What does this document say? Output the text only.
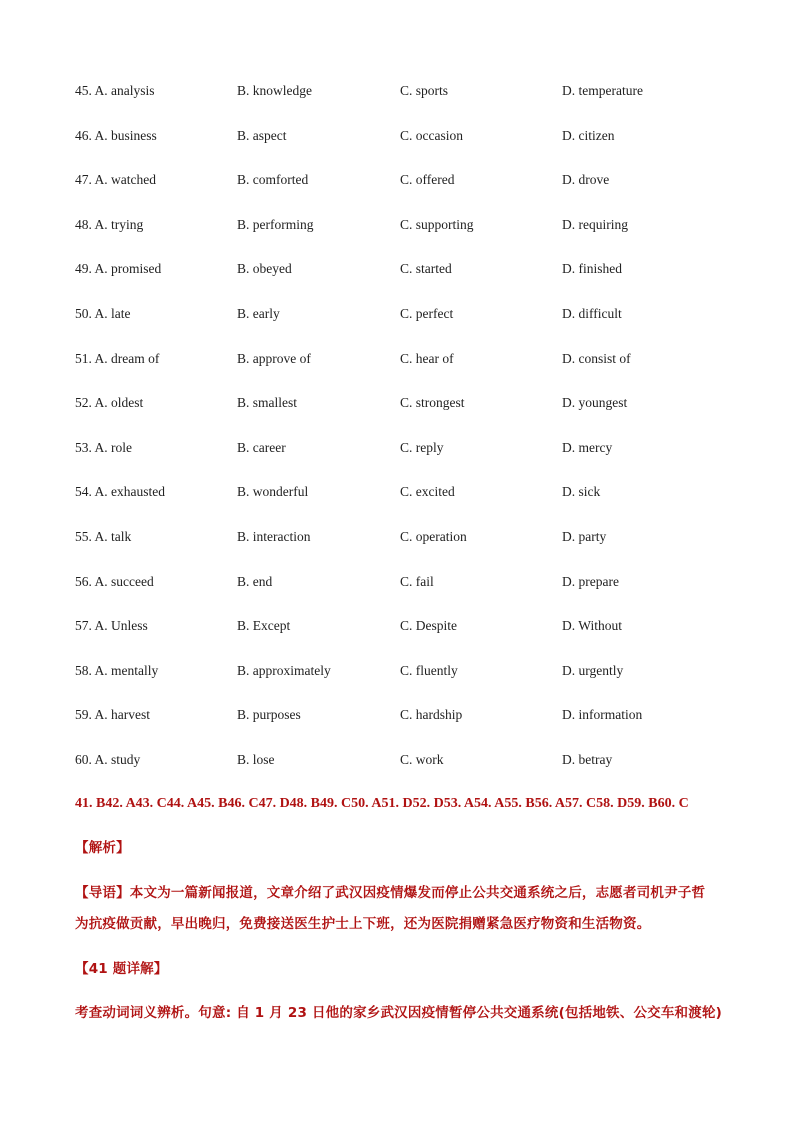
45. A. analysis	B. knowledge	C. sports	D. temperature
46. A. business	B. aspect	C. occasion	D. citizen
47. A. watched	B. comforted	C. offered	D. drove
48. A. trying	B. performing	C. supporting	D. requiring
49. A. promised	B. obeyed	C. started	D. finished
50. A. late	B. early	C. perfect	D. difficult
51. A. dream of	B. approve of	C. hear of	D. consist of
52. A. oldest	B. smallest	C. strongest	D. youngest
53. A. role	B. career	C. reply	D. mercy
54. A. exhausted	B. wonderful	C. excited	D. sick
55. A. talk	B. interaction	C. operation	D. party
56. A. succeed	B. end	C. fail	D. prepare
57. A. Unless	B. Except	C. Despite	D. Without
58. A. mentally	B. approximately	C. fluently	D. urgently
59. A. harvest	B. purposes	C. hardship	D. information
60. A. study	B. lose	C. work	D. betray
41. B42. A43. C44. A45. B46. C47. D48. B49. C50. A51. D52. D53. A54. A55. B56. A57. C58. D59. B60. C
【解析】
【导语】本文为一篇新闻报道，文章介绍了武汉因疫情爆发而停止公共交通系统之后，志愿者司机尹子哲
为抗疫做贡献，早出晚归，免费接送医生护士上下班，还为医院捐赠紧急医疗物资和生活物资。
【41 题详解】
考查动词词义辨析。句意: 自 1 月 23 日他的家乡武汉因疫情暂停公共交通系统(包括地铁、公交车和渡轮)
